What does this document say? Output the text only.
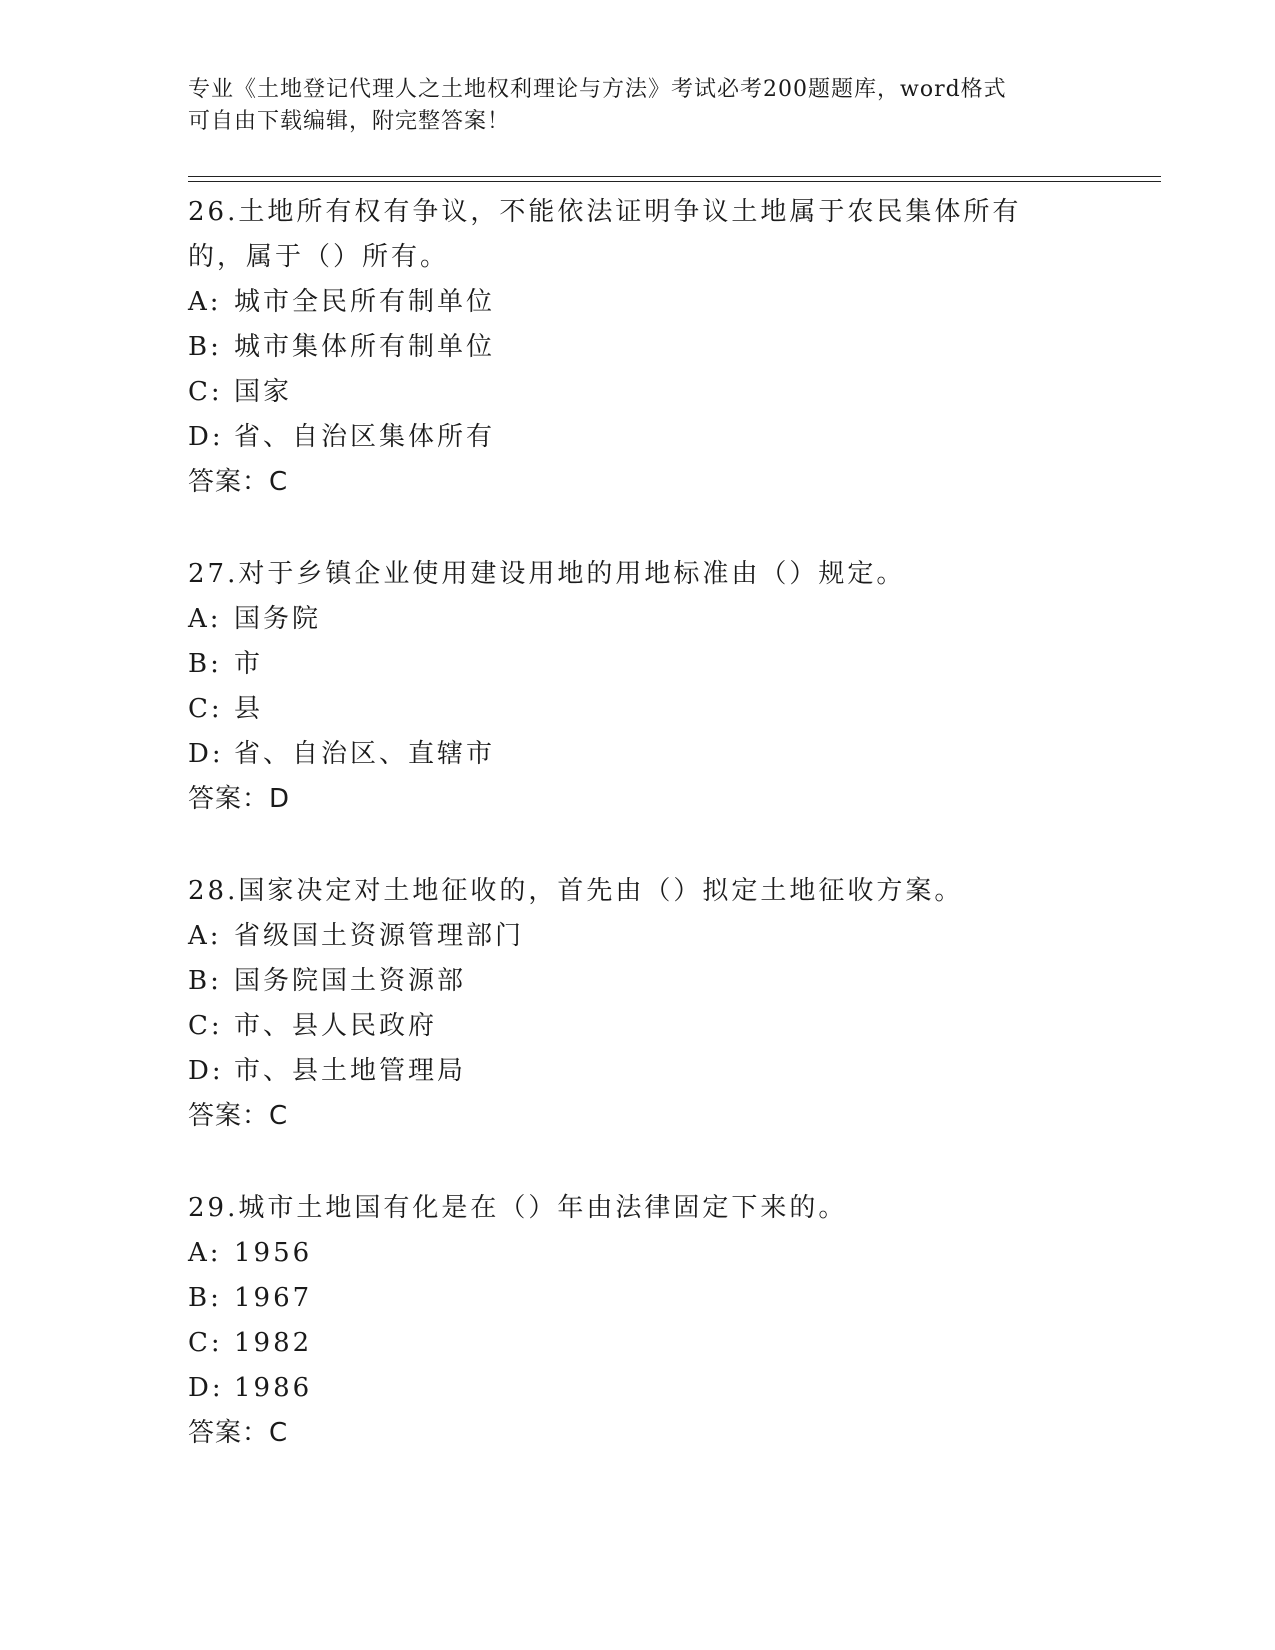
专业《土地登记代理人之土地权利理论与方法》考试必考200题题库，word格式
可自由下载编辑，附完整答案！
26.土地所有权有争议，不能依法证明争议土地属于农民集体所有的，属于（）所有。
A: 城市全民所有制单位
B: 城市集体所有制单位
C: 国家
D: 省、自治区集体所有
答案：C
27.对于乡镇企业使用建设用地的用地标准由（）规定。
A: 国务院
B: 市
C: 县
D: 省、自治区、直辖市
答案：D
28.国家决定对土地征收的，首先由（）拟定土地征收方案。
A: 省级国土资源管理部门
B: 国务院国土资源部
C: 市、县人民政府
D: 市、县土地管理局
答案：C
29.城市土地国有化是在（）年由法律固定下来的。
A: 1956
B: 1967
C: 1982
D: 1986
答案：C
